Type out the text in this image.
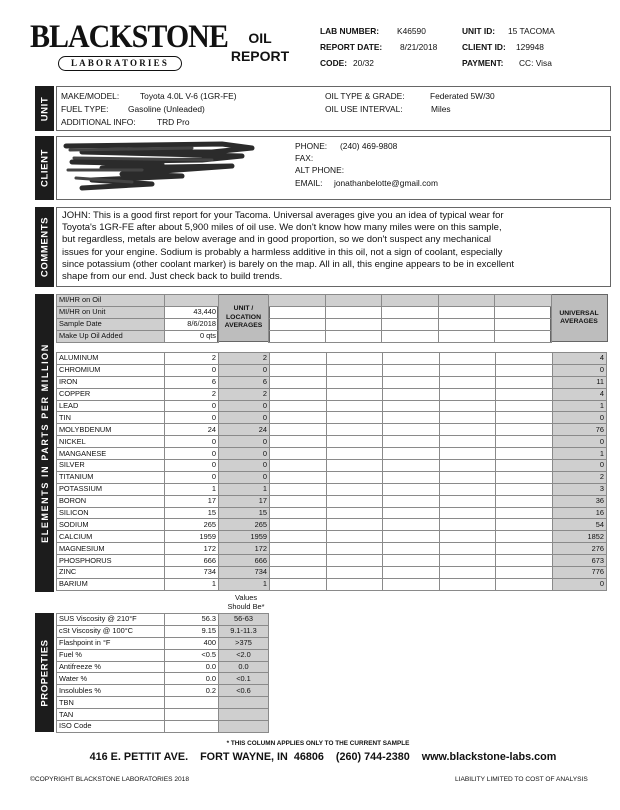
BLACKSTONE
LABORATORIES
OIL
REPORT
LAB NUMBER: K46590
REPORT DATE: 8/21/2018
CODE: 20/32
UNIT ID: 15 TACOMA
CLIENT ID: 129948
PAYMENT: CC: Visa
UNIT
MAKE/MODEL: Toyota 4.0L V-6 (1GR-FE)
FUEL TYPE: Gasoline (Unleaded)
ADDITIONAL INFO:	TRD Pro
OIL TYPE & GRADE:	Federated 5W/30
OIL USE INTERVAL:	Miles
CLIENT
PHONE: (240) 469-9808
FAX:
ALT PHONE:
EMAIL: jonathanbelotte@gmail.com
COMMENTS
JOHN: This is a good first report for your Tacoma. Universal averages give you an idea of typical wear for
Toyota's 1GR-FE after about 5,900 miles of oil use. We don't know how many miles were on this sample,
but regardless, metals are below average and in good proportion, so we don't suspect any mechanical
issues for your engine. Sodium is probably a harmless additive in this oil, not a sign of coolant, especially
since potassium (other coolant marker) is barely on the map. All in all, this engine appears to be in excellent
shape from our end. Just check back to build trends.
ELEMENTS IN PARTS PER MILLION
UNIT / LOCATION AVERAGES
UNIVERSAL AVERAGES
MI/HR on Oil	
MI/HR on Unit	43,440
Sample Date	8/6/2018
Make Up Oil Added	0 qts

ALUMINUM	2	2						4
CHROMIUM	0	0						0
IRON	6	6						11
COPPER	2	2						4
LEAD	0	0						1
TIN	0	0						0
MOLYBDENUM	24	24						76
NICKEL	0	0						0
MANGANESE	0	0						1
SILVER	0	0						0
TITANIUM	0	0						2
POTASSIUM	1	1						3
BORON	17	17						36
SILICON	15	15						16
SODIUM	265	265						54
CALCIUM	1959	1959						1852
MAGNESIUM	172	172						276
PHOSPHORUS	666	666						673
ZINC	734	734						776
BARIUM	1	1						0
Values
Should Be*
PROPERTIES
SUS Viscosity @ 210°F	56.3	56-63
cSt Viscosity @ 100°C	9.15	9.1-11.3
Flashpoint in °F	400	>375
Fuel %	<0.5	<2.0
Antifreeze %	0.0	0.0
Water %	0.0	<0.1
Insolubles %	0.2	<0.6
TBN		
TAN		
ISO Code		
* THIS COLUMN APPLIES ONLY TO THE CURRENT SAMPLE
416 E. PETTIT AVE.    FORT WAYNE, IN  46806    (260) 744-2380    www.blackstone-labs.com
©COPYRIGHT BLACKSTONE LABORATORIES 2018	LIABILITY LIMITED TO COST OF ANALYSIS
